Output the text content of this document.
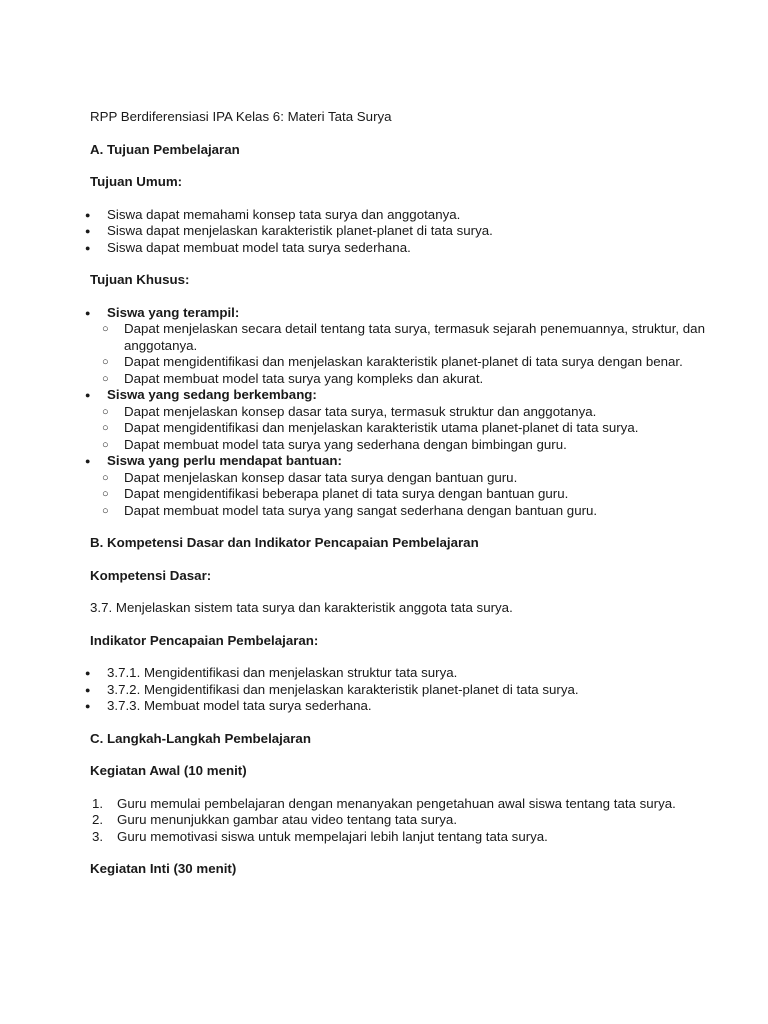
RPP Berdiferensiasi IPA Kelas 6: Materi Tata Surya

A. Tujuan Pembelajaran

Tujuan Umum:

● Siswa dapat memahami konsep tata surya dan anggotanya.
● Siswa dapat menjelaskan karakteristik planet-planet di tata surya.
● Siswa dapat membuat model tata surya sederhana.

Tujuan Khusus:

● Siswa yang terampil:
○ Dapat menjelaskan secara detail tentang tata surya, termasuk sejarah penemuannya, struktur, dan anggotanya.
○ Dapat mengidentifikasi dan menjelaskan karakteristik planet-planet di tata surya dengan benar.
○ Dapat membuat model tata surya yang kompleks dan akurat.
● Siswa yang sedang berkembang:
○ Dapat menjelaskan konsep dasar tata surya, termasuk struktur dan anggotanya.
○ Dapat mengidentifikasi dan menjelaskan karakteristik utama planet-planet di tata surya.
○ Dapat membuat model tata surya yang sederhana dengan bimbingan guru.
● Siswa yang perlu mendapat bantuan:
○ Dapat menjelaskan konsep dasar tata surya dengan bantuan guru.
○ Dapat mengidentifikasi beberapa planet di tata surya dengan bantuan guru.
○ Dapat membuat model tata surya yang sangat sederhana dengan bantuan guru.

B. Kompetensi Dasar dan Indikator Pencapaian Pembelajaran

Kompetensi Dasar:

3.7. Menjelaskan sistem tata surya dan karakteristik anggota tata surya.

Indikator Pencapaian Pembelajaran:

● 3.7.1. Mengidentifikasi dan menjelaskan struktur tata surya.
● 3.7.2. Mengidentifikasi dan menjelaskan karakteristik planet-planet di tata surya.
● 3.7.3. Membuat model tata surya sederhana.

C. Langkah-Langkah Pembelajaran

Kegiatan Awal (10 menit)

1. Guru memulai pembelajaran dengan menanyakan pengetahuan awal siswa tentang tata surya.
2. Guru menunjukkan gambar atau video tentang tata surya.
3. Guru memotivasi siswa untuk mempelajari lebih lanjut tentang tata surya.

Kegiatan Inti (30 menit)
